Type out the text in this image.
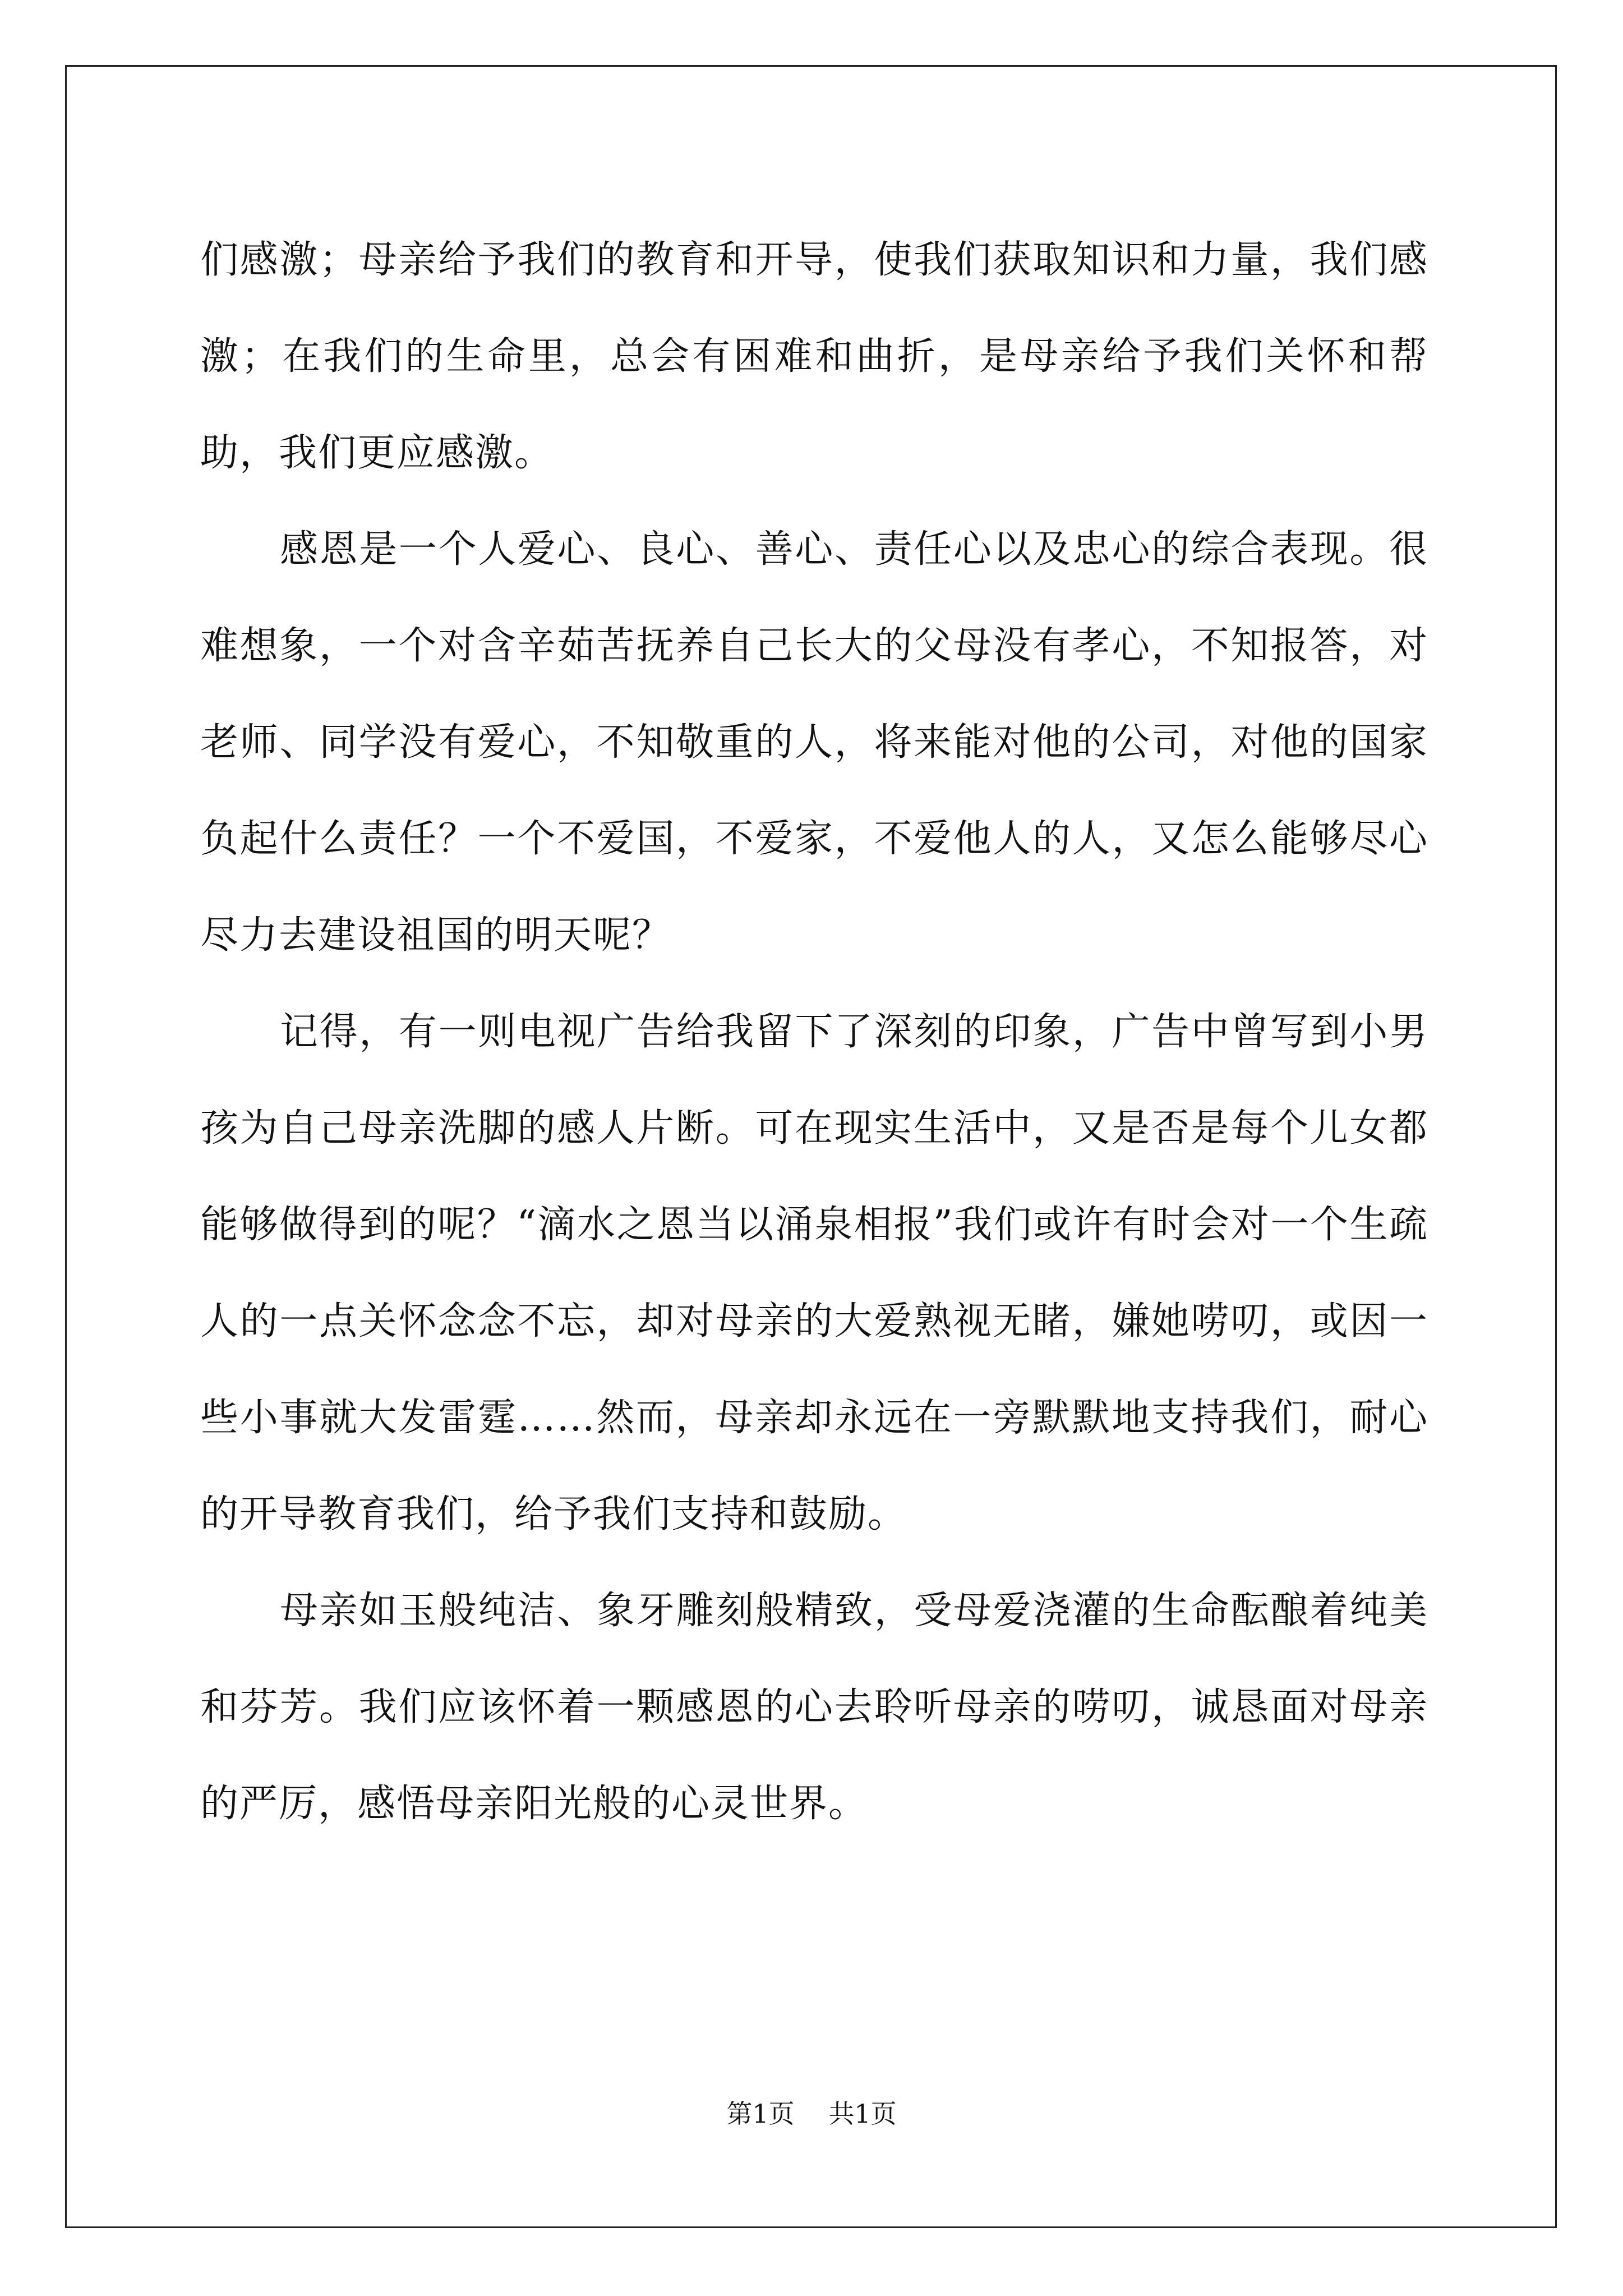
们感激；母亲给予我们的教育和开导，使我们获取知识和力量，我们感激；在我们的生命里，总会有困难和曲折，是母亲给予我们关怀和帮助，我们更应感激。

感恩是一个人爱心、良心、善心、责任心以及忠心的综合表现。很难想象，一个对含辛茹苦抚养自己长大的父母没有孝心，不知报答，对老师、同学没有爱心，不知敬重的人，将来能对他的公司，对他的国家负起什么责任？一个不爱国，不爱家，不爱他人的人，又怎么能够尽心尽力去建设祖国的明天呢？

记得，有一则电视广告给我留下了深刻的印象，广告中曾写到小男孩为自己母亲洗脚的感人片断。可在现实生活中，又是否是每个儿女都能够做得到的呢？“滴水之恩当以涌泉相报”我们或许有时会对一个生疏人的一点关怀念念不忘，却对母亲的大爱熟视无睹，嫌她唠叨，或因一些小事就大发雷霆……然而，母亲却永远在一旁默默地支持我们，耐心的开导教育我们，给予我们支持和鼓励。

母亲如玉般纯洁、象牙雕刻般精致，受母爱浇灌的生命酝酿着纯美和芬芳。我们应该怀着一颗感恩的心去聆听母亲的唠叨，诚恳面对母亲的严厉，感悟母亲阳光般的心灵世界。

第1页 共1页
